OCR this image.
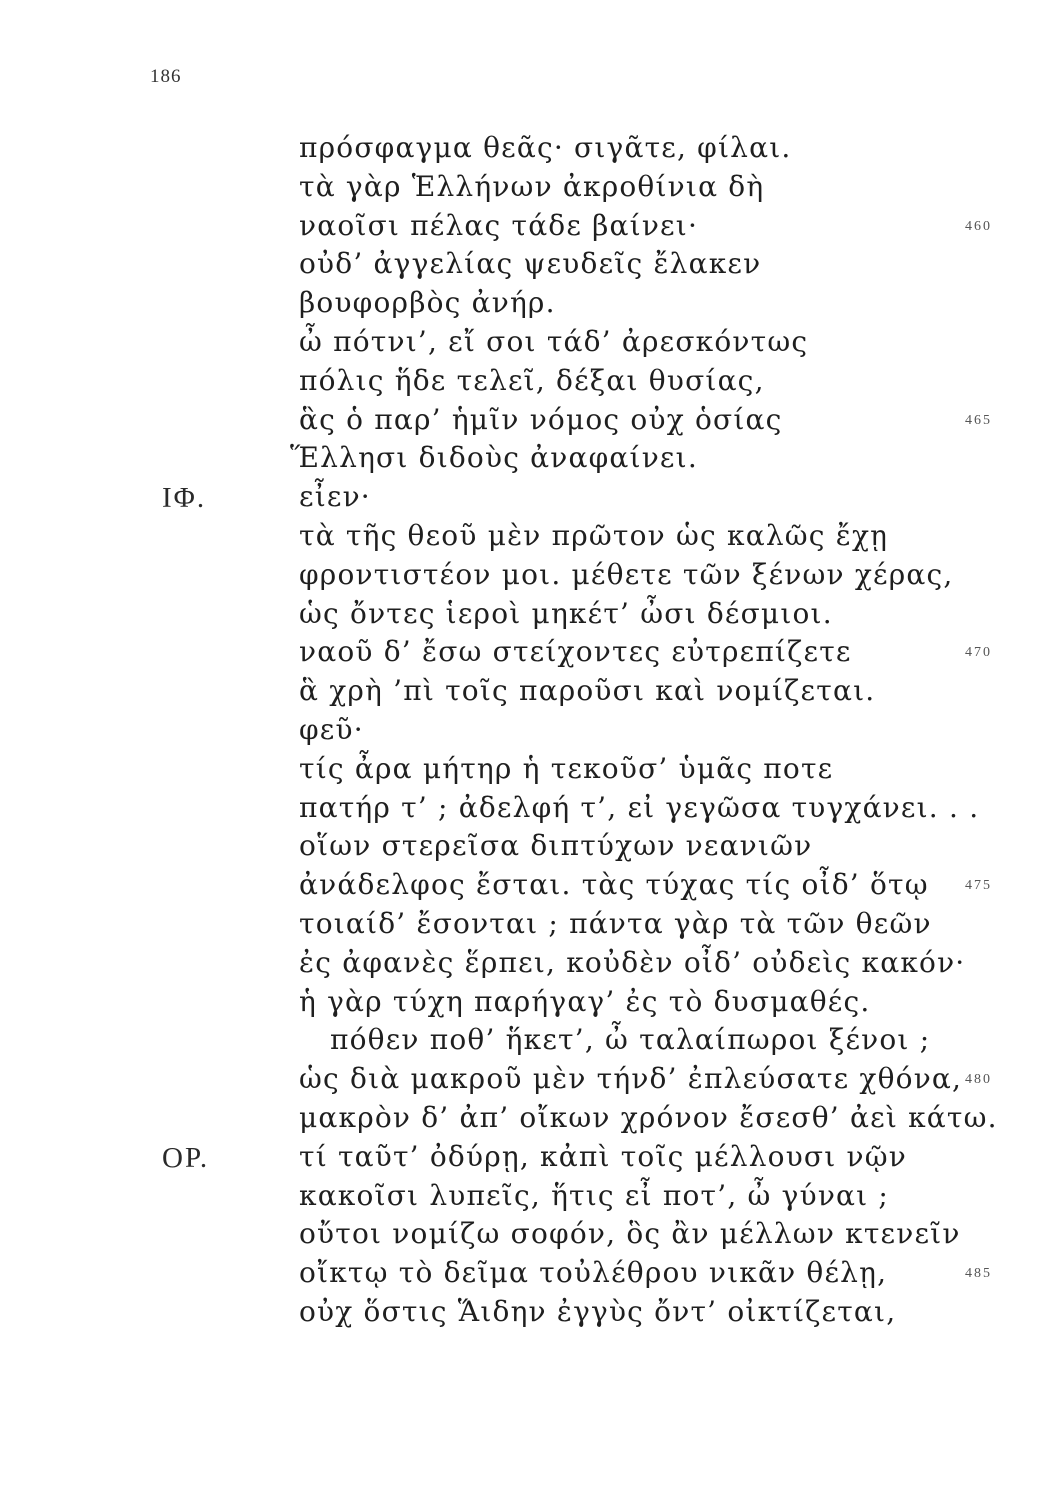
186
πρόσφαγμα θεᾶς· σιγᾶτε, φίλαι.
τὰ γὰρ Ἑλλήνων ἀκροθίνια δὴ
ναοῖσι πέλας τάδε βαίνει·	460
οὐδ’ ἀγγελίας ψευδεῖς ἔλακεν
βουφορβὸς ἀνήρ.
ὦ πότνι’, εἴ σοι τάδ’ ἀρεσκόντως
πόλις ἥδε τελεῖ, δέξαι θυσίας,
ἃς ὁ παρ’ ἡμῖν νόμος οὐχ ὁσίας	465
Ἕλλησι διδοὺς ἀναφαίνει.
ΙΦ.	εἶεν·
τὰ τῆς θεοῦ μὲν πρῶτον ὡς καλῶς ἔχῃ
φροντιστέον μοι. μέθετε τῶν ξένων χέρας,
ὡς ὄντες ἱεροὶ μηκέτ’ ὦσι δέσμιοι.
ναοῦ δ’ ἔσω στείχοντες εὐτρεπίζετε	470
ἃ χρὴ ’πὶ τοῖς παροῦσι καὶ νομίζεται.
φεῦ·
τίς ἆρα μήτηρ ἡ τεκοῦσ’ ὑμᾶς ποτε
πατήρ τ’ ; ἀδελφή τ’, εἰ γεγῶσα τυγχάνει. . .
οἵων στερεῖσα διπτύχων νεανιῶν
ἀνάδελφος ἔσται. τὰς τύχας τίς οἶδ’ ὅτῳ	475
τοιαίδ’ ἔσονται ; πάντα γὰρ τὰ τῶν θεῶν
ἐς ἀφανὲς ἕρπει, κοὐδὲν οἶδ’ οὐδεὶς κακόν·
ἡ γὰρ τύχη παρήγαγ’ ἐς τὸ δυσμαθές.
πόθεν ποθ’ ἥκετ’, ὦ ταλαίπωροι ξένοι ;
ὡς διὰ μακροῦ μὲν τήνδ’ ἐπλεύσατε χθόνα, 480
μακρὸν δ’ ἀπ’ οἴκων χρόνον ἔσεσθ’ ἀεὶ κάτω.
ΟΡ.	τί ταῦτ’ ὀδύρῃ, κἀπὶ τοῖς μέλλουσι νῷν
κακοῖσι λυπεῖς, ἥτις εἶ ποτ’, ὦ γύναι ;
οὔτοι νομίζω σοφόν, ὃς ἂν μέλλων κτενεῖν
οἴκτῳ τὸ δεῖμα τοὐλέθρου νικᾶν θέλῃ,	485
οὐχ ὅστις Ἅιδην ἐγγὺς ὄντ’ οἰκτίζεται,
